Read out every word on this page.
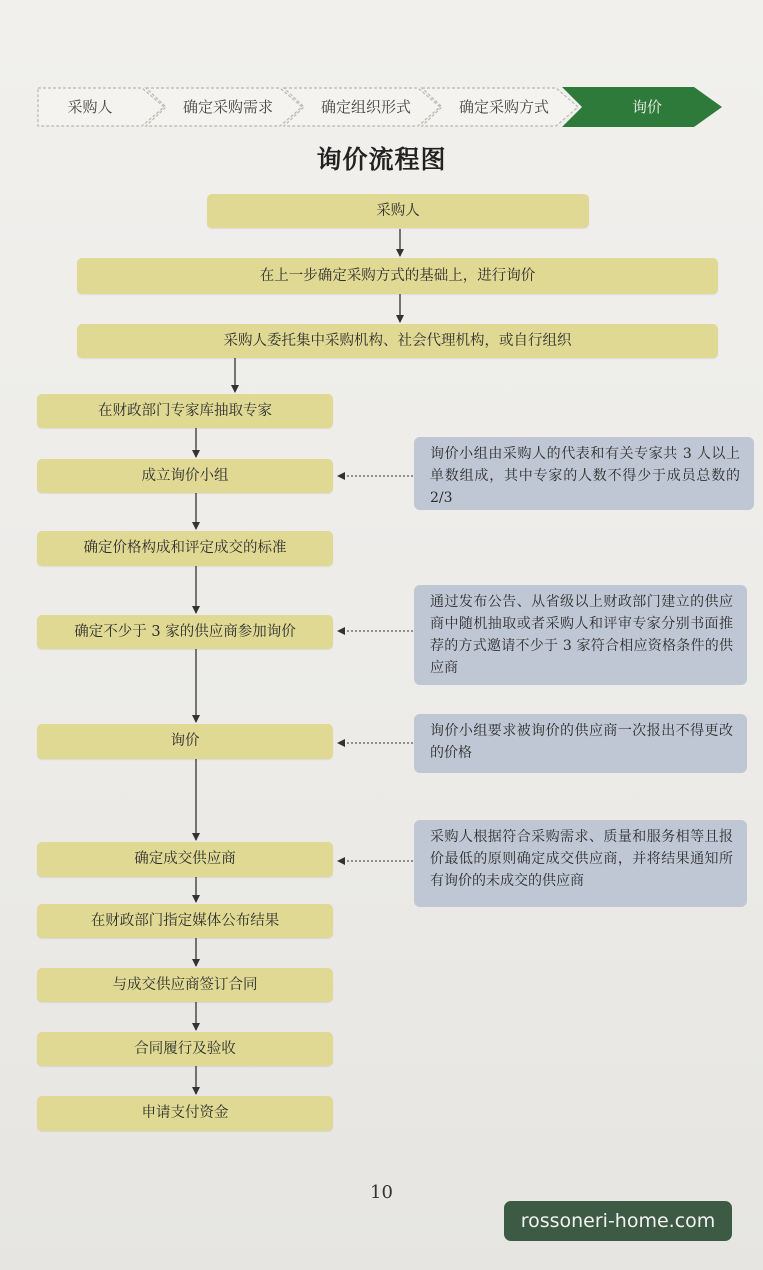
采购人	确定采购需求	确定组织形式	确定采购方式	询价
询价流程图
采购人
在上一步确定采购方式的基础上，进行询价
采购人委托集中采购机构、社会代理机构，或自行组织
在财政部门专家库抽取专家
成立询价小组
确定价格构成和评定成交的标准
确定不少于 3 家的供应商参加询价
询价
确定成交供应商
在财政部门指定媒体公布结果
与成交供应商签订合同
合同履行及验收
申请支付资金
询价小组由采购人的代表和有关专家共 3 人以上单数组成，其中专家的人数不得少于成员总数的 2/3
通过发布公告、从省级以上财政部门建立的供应商中随机抽取或者采购人和评审专家分别书面推荐的方式邀请不少于 3 家符合相应资格条件的供应商
询价小组要求被询价的供应商一次报出不得更改的价格
采购人根据符合采购需求、质量和服务相等且报价最低的原则确定成交供应商，并将结果通知所有询价的未成交的供应商
10
rossoneri-home.com
